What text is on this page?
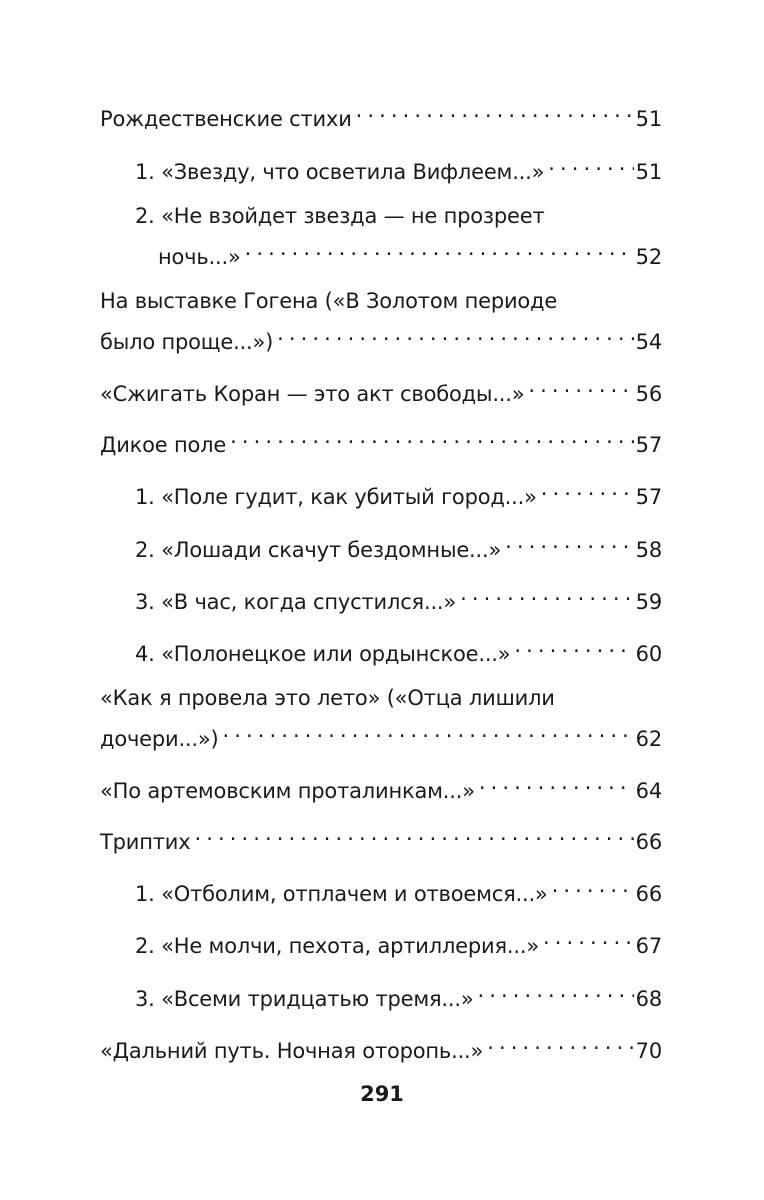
Рождественские стихи . . .	51
1. «Звезду, что осветила Вифлеем...» . . .	51
2. «Не взойдет звезда — не прозреет
ночь...» . . .	52
На выставке Гогена («В Золотом периоде
было проще...») . . .	54
«Сжигать Коран — это акт свободы...» . . .	56
Дикое поле . . .	57
1. «Поле гудит, как убитый город...» . . .	57
2. «Лошади скачут бездомные...» . . .	58
3. «В час, когда спустился...» . . .	59
4. «Полонецкое или ордынское...» . . .	60
«Как я провела это лето» («Отца лишили
дочери...») . . .	62
«По артемовским проталинкам...» . . .	64
Триптих . . .	66
1. «Отболим, отплачем и отвоемся...» . . .	66
2. «Не молчи, пехота, артиллерия...» . . .	67
3. «Всеми тридцатью тремя...» . . .	68
«Дальний путь. Ночная оторопь...» . . .	70
291
